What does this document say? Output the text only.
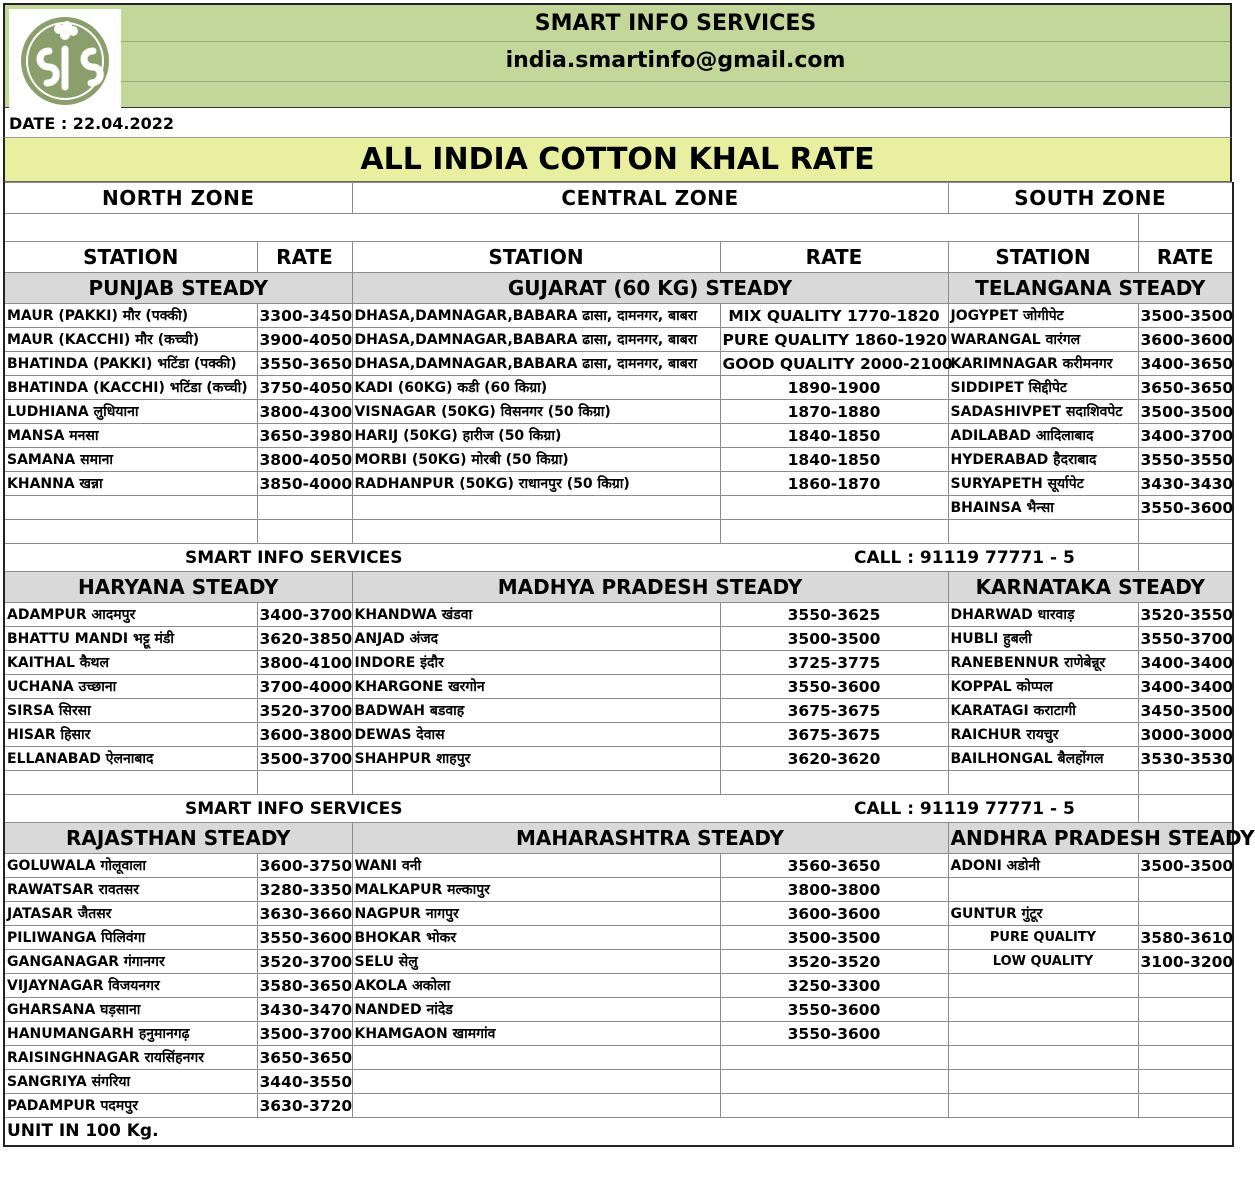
SMART INFO SERVICES
india.smartinfo@gmail.com
DATE : 22.04.2022
ALL INDIA COTTON KHAL RATE
NORTH ZONE		CENTRAL ZONE		SOUTH ZONE	

STATION	RATE	STATION	RATE	STATION	RATE
PUNJAB STEADY		GUJARAT (60 KG) STEADY		TELANGANA STEADY	
MAUR (PAKKI) मौर (पक्की)	3300-3450	DHASA,DAMNAGAR,BABARA ढासा, दामनगर, बाबरा	MIX QUALITY 1770-1820	JOGYPET जोगीपेट	3500-3500
MAUR (KACCHI) मौर (कच्ची)	3900-4050	DHASA,DAMNAGAR,BABARA ढासा, दामनगर, बाबरा	PURE QUALITY 1860-1920	WARANGAL वारंगल	3600-3600
BHATINDA (PAKKI) भटिंडा (पक्की)	3550-3650	DHASA,DAMNAGAR,BABARA ढासा, दामनगर, बाबरा	GOOD QUALITY 2000-2100	KARIMNAGAR करीमनगर	3400-3650
BHATINDA (KACCHI) भटिंडा (कच्ची)	3750-4050	KADI (60KG) कडी (60 किग्रा)	1890-1900	SIDDIPET सिद्दीपेट	3650-3650
LUDHIANA लुधियाना	3800-4300	VISNAGAR (50KG) विसनगर (50 किग्रा)	1870-1880	SADASHIVPET सदाशिवपेट	3500-3500
MANSA मनसा	3650-3980	HARIJ (50KG) हारीज (50 किग्रा)	1840-1850	ADILABAD आदिलाबाद	3400-3700
SAMANA समाना	3800-4050	MORBI (50KG) मोरबी (50 किग्रा)	1840-1850	HYDERABAD हैदराबाद	3550-3550
KHANNA खन्ना	3850-4000	RADHANPUR (50KG) राधानपुर (50 किग्रा)	1860-1870	SURYAPETH सूर्यापेट	3430-3430
				BHAINSA भैन्सा	3550-3600

	SMART INFO SERVICES		CALL : 91119 77771 - 5		
HARYANA STEADY		MADHYA PRADESH STEADY		KARNATAKA STEADY	
ADAMPUR आदमपुर	3400-3700	KHANDWA खंडवा	3550-3625	DHARWAD धारवाड़	3520-3550
BHATTU MANDI भट्टू मंडी	3620-3850	ANJAD अंजद	3500-3500	HUBLI हुबली	3550-3700
KAITHAL कैथल	3800-4100	INDORE इंदौर	3725-3775	RANEBENNUR राणेबेन्नूर	3400-3400
UCHANA उच्छाना	3700-4000	KHARGONE खरगोन	3550-3600	KOPPAL कोप्पल	3400-3400
SIRSA सिरसा	3520-3700	BADWAH बडवाह	3675-3675	KARATAGI कराटागी	3450-3500
HISAR हिसार	3600-3800	DEWAS देवास	3675-3675	RAICHUR रायचुर	3000-3000
ELLANABAD ऐलनाबाद	3500-3700	SHAHPUR शाहपुर	3620-3620	BAILHONGAL बैलहोंगल	3530-3530

	SMART INFO SERVICES		CALL : 91119 77771 - 5		
RAJASTHAN STEADY		MAHARASHTRA STEADY		ANDHRA PRADESH STEADY	
GOLUWALA गोलूवाला	3600-3750	WANI वनी	3560-3650	ADONI अडोनी	3500-3500
RAWATSAR रावतसर	3280-3350	MALKAPUR मल्कापुर	3800-3800		
JATASAR जैतसर	3630-3660	NAGPUR नागपुर	3600-3600	GUNTUR गुंटूर	
PILIWANGA पिलिवंगा	3550-3600	BHOKAR भोकर	3500-3500	PURE QUALITY	3580-3610
GANGANAGAR गंगानगर	3520-3700	SELU सेलु	3520-3520	LOW QUALITY	3100-3200
VIJAYNAGAR विजयनगर	3580-3650	AKOLA अकोला	3250-3300		
GHARSANA घड़साना	3430-3470	NANDED नांदेड	3550-3600		
HANUMANGARH हनुमानगढ़	3500-3700	KHAMGAON खामगांव	3550-3600		
RAISINGHNAGAR रायसिंहनगर	3650-3650				
SANGRIYA संगरिया	3440-3550				
PADAMPUR पदमपुर	3630-3720				
UNIT IN 100 Kg.					
